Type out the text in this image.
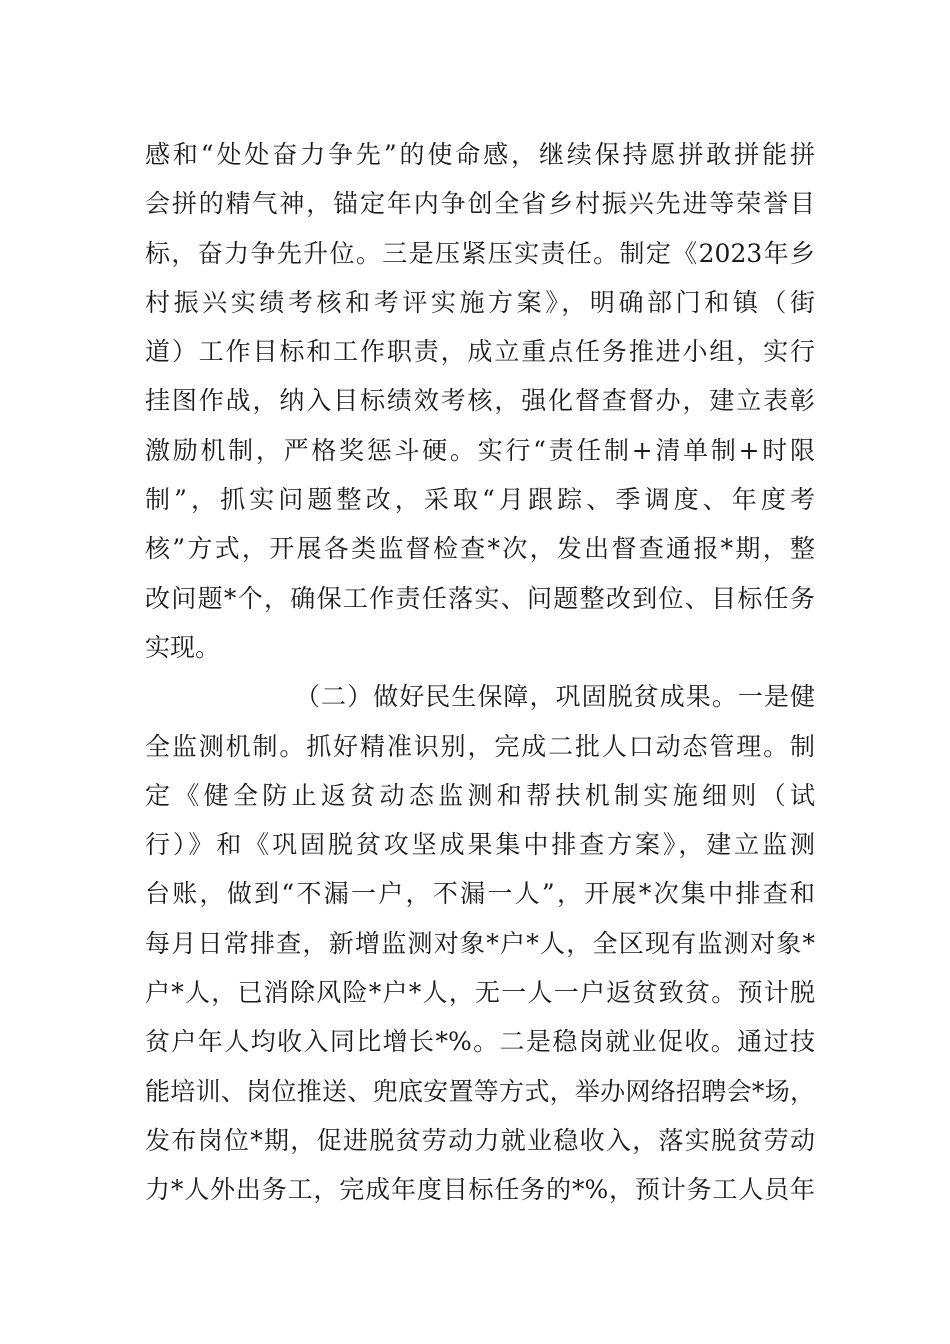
感和“处处奋力争先”的使命感，继续保持愿拼敢拼能拼
会拼的精气神，锚定年内争创全省乡村振兴先进等荣誉目
标，奋力争先升位。三是压紧压实责任。制定《2023年乡
村振兴实绩考核和考评实施方案》，明确部门和镇（街
道）工作目标和工作职责，成立重点任务推进小组，实行
挂图作战，纳入目标绩效考核，强化督查督办，建立表彰
激励机制，严格奖惩斗硬。实行“责任制+清单制+时限
制”，抓实问题整改，采取“月跟踪、季调度、年度考
核”方式，开展各类监督检查*次，发出督查通报*期，整
改问题*个，确保工作责任落实、问题整改到位、目标任务
实现。
（二）做好民生保障，巩固脱贫成果。一是健
全监测机制。抓好精准识别，完成二批人口动态管理。制
定《健全防止返贫动态监测和帮扶机制实施细则（试
行）》和《巩固脱贫攻坚成果集中排查方案》，建立监测
台账，做到“不漏一户，不漏一人”，开展*次集中排查和
每月日常排查，新增监测对象*户*人，全区现有监测对象*
户*人，已消除风险*户*人，无一人一户返贫致贫。预计脱
贫户年人均收入同比增长*%。二是稳岗就业促收。通过技
能培训、岗位推送、兜底安置等方式，举办网络招聘会*场，
发布岗位*期，促进脱贫劳动力就业稳收入，落实脱贫劳动
力*人外出务工，完成年度目标任务的*%，预计务工人员年
